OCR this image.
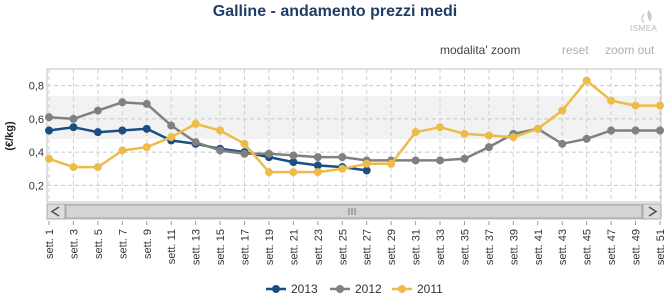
Galline - andamento prezzi medi
ISMEA
modalita' zoom	reset zoom out
0,2
0,4
0,6
0,8
(€/kg)
sett. 1 sett. 3 sett. 5 sett. 7 sett. 9 sett. 11 sett. 13 sett. 15 sett. 17 sett. 19 sett. 21 sett. 23 sett. 25 sett. 27 sett. 29 sett. 31 sett. 33 sett. 35 sett. 37 sett. 39 sett. 41 sett. 43 sett. 45 sett. 47 sett. 49 sett. 51
2013	2012	2011
